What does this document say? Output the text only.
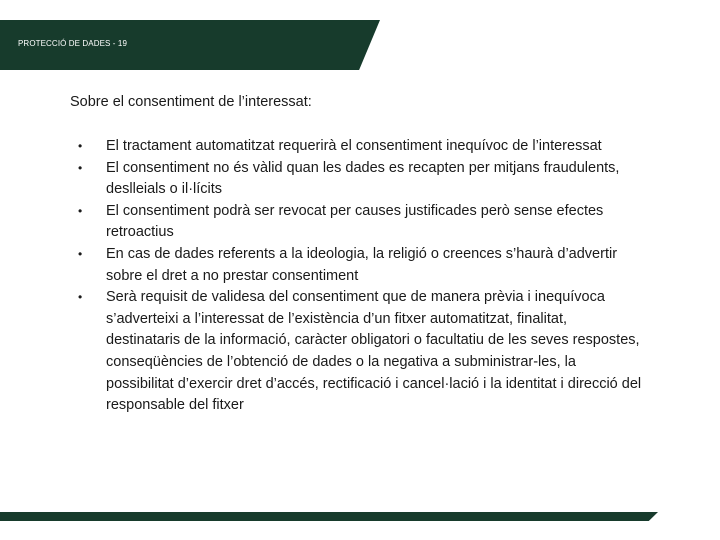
PROTECCIÓ DE DADES - 19
Sobre el consentiment de l’interessat:
•	El tractament automatitzat requerirà el consentiment inequívoc de l’interessat
•	El consentiment no és vàlid quan les dades es recapten per mitjans fraudulents, deslleials o il·lícits
•	El consentiment podrà ser revocat per causes justificades però sense efectes retroactius
•	En cas de dades referents a la ideologia, la religió o creences s’haurà d’advertir sobre el dret a no prestar consentiment
•	Serà requisit de validesa del consentiment que de manera prèvia i inequívoca s’adverteixi a l’interessat de l’existència d’un fitxer automatitzat, finalitat, destinataris de la informació, caràcter obligatori o facultatiu de les seves respostes, conseqüències de l’obtenció de dades o la negativa a subministrar-les, la possibilitat d’exercir dret d’accés, rectificació i cancel·lació i la identitat i direcció del responsable del fitxer
